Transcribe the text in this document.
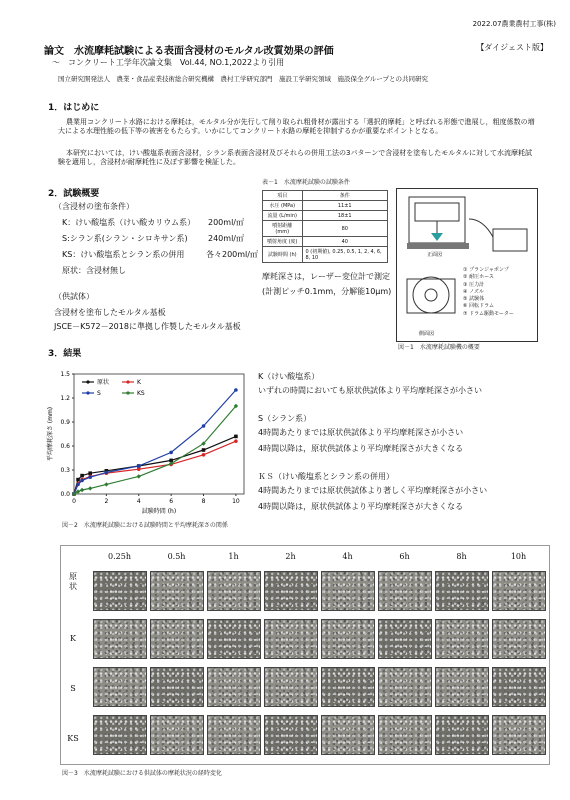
2022.07農業農村工事(株)
論文　水流摩耗試験による表面含浸材のモルタル改質効果の評価	【ダイジェスト版】
～　コンクリート工学年次論文集　Vol.44, NO.1,2022より引用
国立研究開発法人　農業・食品産業技術総合研究機構　農村工学研究部門　施設工学研究領域　施設保全グループとの共同研究
1．はじめに
農業用コンクリート水路における摩耗は，モルタル分が先行して削り取られ粗骨材が露出する「選択的摩耗」と呼ばれる形態で進展し，粗度係数の増大による水理性能の低下等の被害をもたらす。いかにしてコンクリート水路の摩耗を抑制するかが重要なポイントとなる。
本研究においては，けい酸塩系表面含浸材，シラン系表面含浸材及びそれらの併用工法の3パターンで含浸材を塗布したモルタルに対して水流摩耗試験を適用し，含浸材が耐摩耗性に及ぼす影響を検証した。
2．試験概要
（含浸材の塗布条件）
K：けい酸塩系（けい酸カリウム系） 200ml/㎡
S:シラン系(シラン・シロキサン系)	240ml/㎡
KS：けい酸塩系とシラン系の併用	各々200ml/㎡
原状：含浸材無し
（供試体）
含浸材を塗布したモルタル基板
JSCE－K572－2018に準拠し作製したモルタル基板
表－1　水流摩耗試験の試験条件
項目	条件
水圧 (MPa)	11±1
流量 (L/min)	18±1
噴射距離 (mm)	80
噴射角度 (度)	40
試験時間 (h)	0 (初期値), 0.25, 0.5, 1, 2, 4, 6, 8, 10
摩耗深さは，レーザー変位計で測定
(計測ピッチ0.1mm，分解能10μm)
正面図
側面図
① プランジャポンプ
② 耐圧ホース
③ 圧力計
④ ノズル
⑤ 試験体
⑥ 回転ドラム
⑦ ドラム駆動モーター
図－1　水流摩耗試験機の概要
3．結果
0.0
0.3
0.6
0.9
1.2
1.5
0	2	4	6	8	10
試験時間 (h)
平均摩耗深さ (mm)
原状	K
S	KS
図－2　水流摩耗試験における試験時間と平均摩耗深さの関係
K（けい酸塩系）
いずれの時間においても原状供試体より平均摩耗深さが小さい
S（シラン系）
4時間あたりまでは原状供試体より平均摩耗深さが小さい
4時間以降は，原状供試体より平均摩耗深さが大きくなる
ＫＳ（けい酸塩系とシラン系の併用）
4時間あたりまでは原状供試体より著しく平均摩耗深さが小さい
4時間以降は，原状供試体より平均摩耗深さが大きくなる
0.25h	0.5h	1h	2h	4h	6h	8h	10h
原状
K
S
KS
図－3　水流摩耗試験における供試体の摩耗状況の経時変化
